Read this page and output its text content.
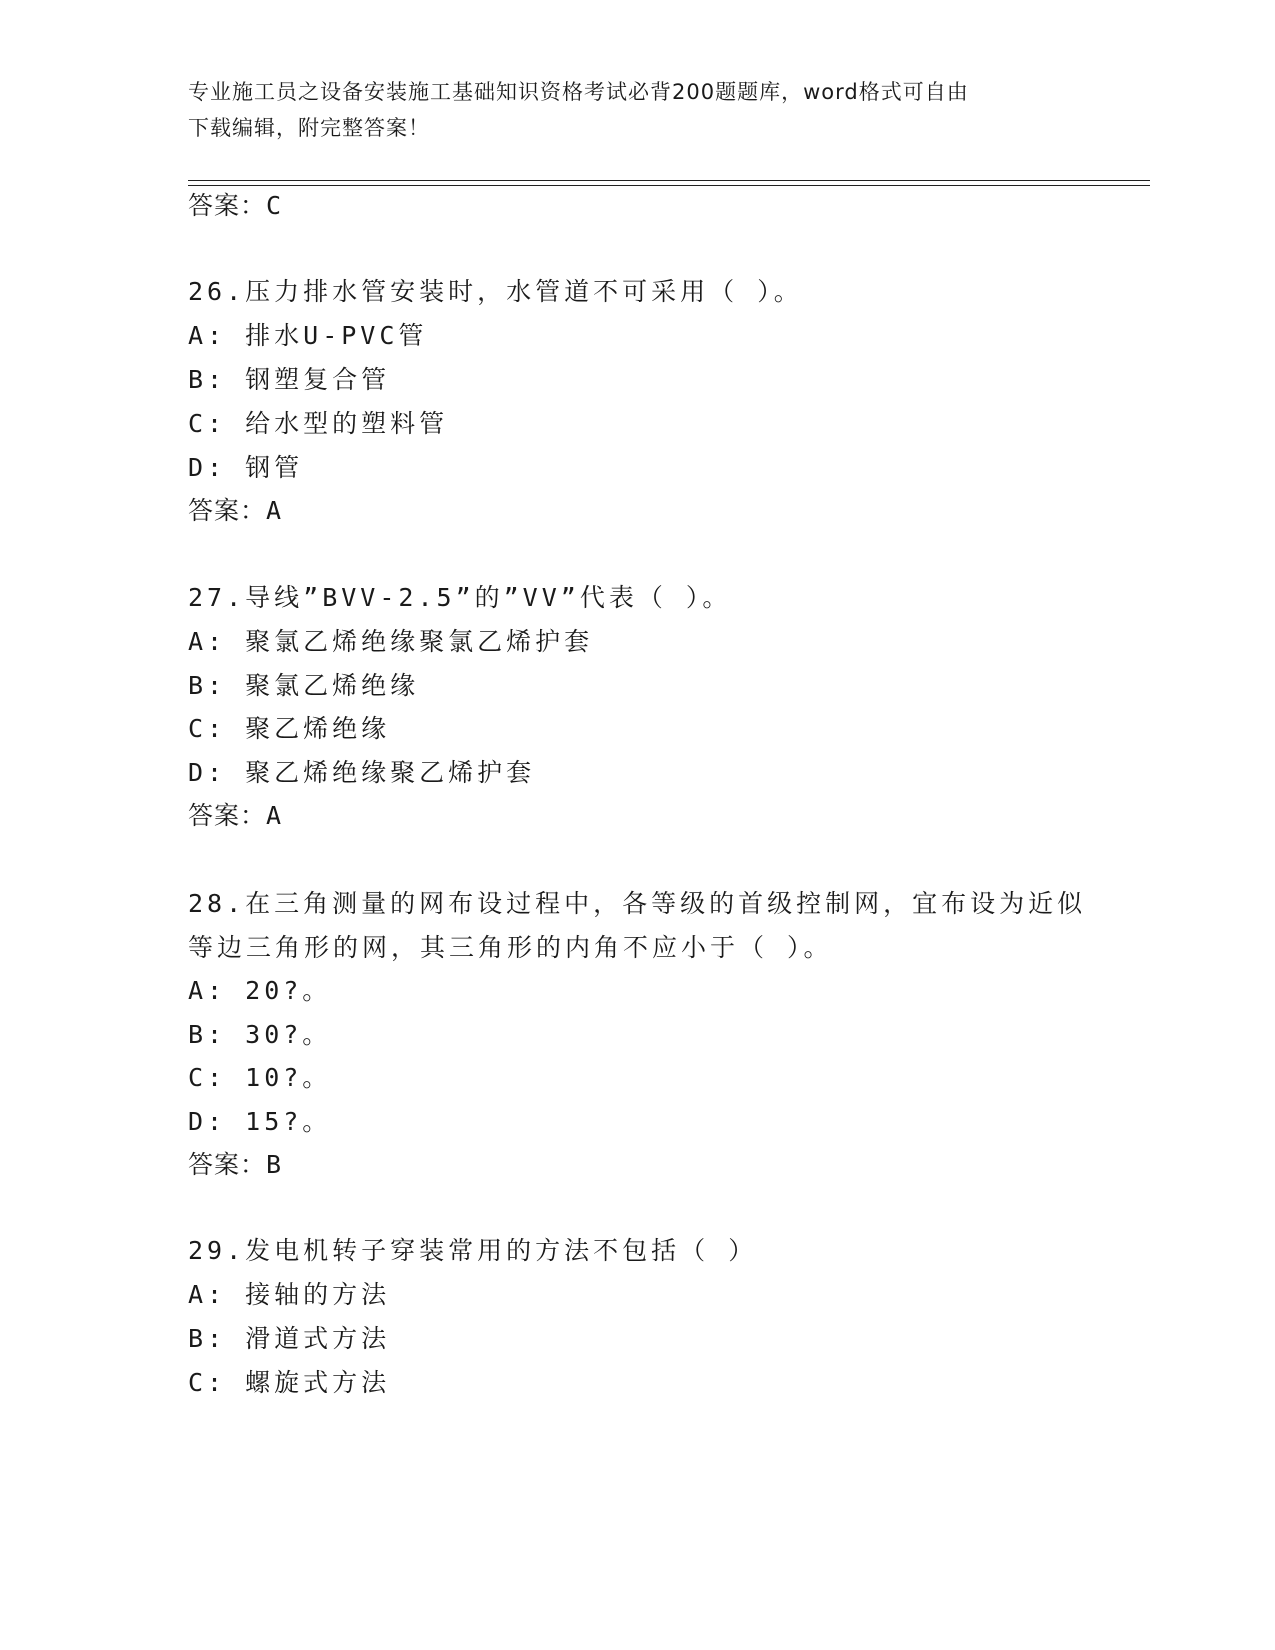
专业施工员之设备安装施工基础知识资格考试必背200题题库，word格式可自由
下载编辑，附完整答案！
答案：C
26.压力排水管安装时，水管道不可采用（ ）。
A: 排水U-PVC管
B: 钢塑复合管
C: 给水型的塑料管
D: 钢管
答案：A
27.导线”BVV-2.5”的”VV”代表（ ）。
A: 聚氯乙烯绝缘聚氯乙烯护套
B: 聚氯乙烯绝缘
C: 聚乙烯绝缘
D: 聚乙烯绝缘聚乙烯护套
答案：A
28.在三角测量的网布设过程中，各等级的首级控制网，宜布设为近似
等边三角形的网，其三角形的内角不应小于（ ）。
A: 20?。
B: 30?。
C: 10?。
D: 15?。
答案：B
29.发电机转子穿装常用的方法不包括（ ）
A: 接轴的方法
B: 滑道式方法
C: 螺旋式方法
